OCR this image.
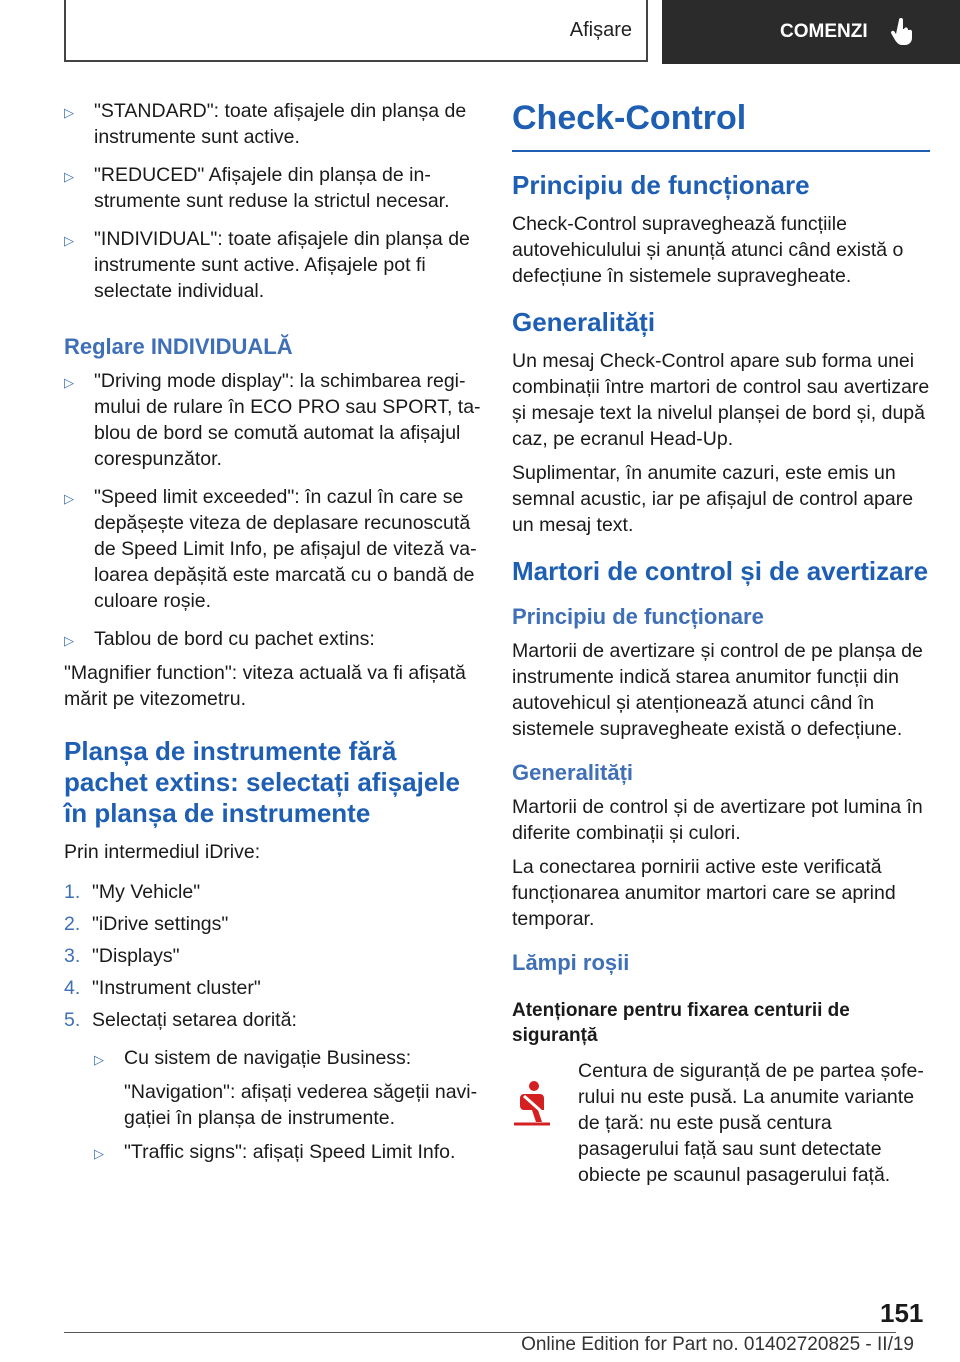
Afișare	COMENZI
▷	"STANDARD": toate afișajele din planșa de instrumente sunt active.
▷	"REDUCED" Afișajele din planșa de instrumente sunt reduse la strictul necesar.
▷	"INDIVIDUAL": toate afișajele din planșa de instrumente sunt active. Afișajele pot fi selectate individual.
Reglare INDIVIDUALĂ
▷	"Driving mode display": la schimbarea regimului de rulare în ECO PRO sau SPORT, tablou de bord se comută automat la afișajul corespunzător.
▷	"Speed limit exceeded": în cazul în care se depășește viteza de deplasare recunoscută de Speed Limit Info, pe afișajul de viteză valoarea depășită este marcată cu o bandă de culoare roșie.
▷	Tablou de bord cu pachet extins:
"Magnifier function": viteza actuală va fi afișată mărit pe vitezometru.
Planșa de instrumente fără pachet extins: selectați afișajele în planșa de instrumente
Prin intermediul iDrive:
1. "My Vehicle"
2. "iDrive settings"
3. "Displays"
4. "Instrument cluster"
5. Selectați setarea dorită:
▷	Cu sistem de navigație Business:
"Navigation": afișați vederea săgeții navigației în planșa de instrumente.
▷	"Traffic signs": afișați Speed Limit Info.
Check-Control
Principiu de funcționare
Check-Control supraveghează funcțiile autovehiculului și anunță atunci când există o defecțiune în sistemele supravegheate.
Generalități
Un mesaj Check-Control apare sub forma unei combinații între martori de control sau avertizare și mesaje text la nivelul planșei de bord și, după caz, pe ecranul Head-Up.
Suplimentar, în anumite cazuri, este emis un semnal acustic, iar pe afișajul de control apare un mesaj text.
Martori de control și de avertizare
Principiu de funcționare
Martorii de avertizare și control de pe planșa de instrumente indică starea anumitor funcții din autovehicul și atenționează atunci când în sistemele supravegheate există o defecțiune.
Generalități
Martorii de control și de avertizare pot lumina în diferite combinații și culori.
La conectarea pornirii active este verificată funcționarea anumitor martori care se aprind temporar.
Lămpi roșii
Atenționare pentru fixarea centurii de siguranță
Centura de siguranță de pe partea șoferului nu este pusă. La anumite variante de țară: nu este pusă centura pasagerului față sau sunt detectate obiecte pe scaunul pasagerului față.
151
Online Edition for Part no. 01402720825 - II/19
